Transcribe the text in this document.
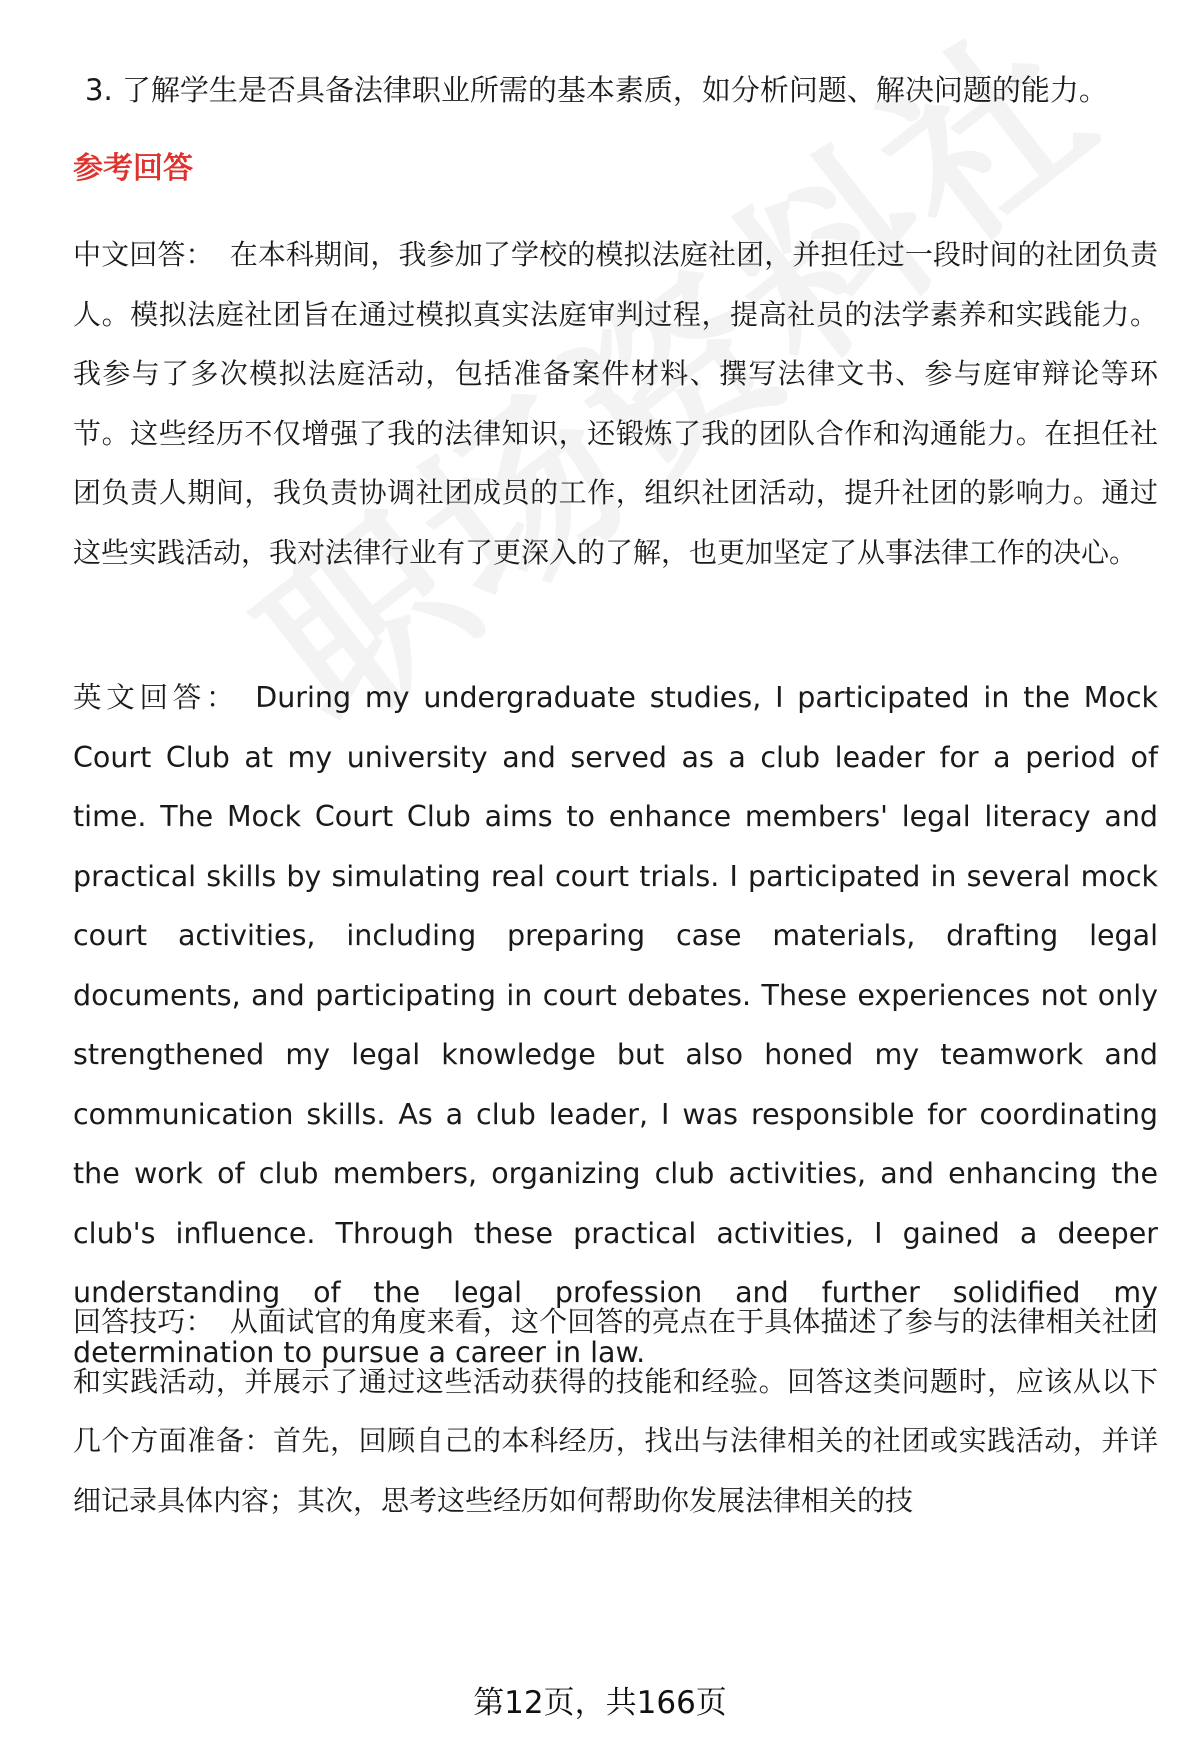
3. 了解学生是否具备法律职业所需的基本素质，如分析问题、解决问题的能力。
参考回答
中文回答： 在本科期间，我参加了学校的模拟法庭社团，并担任过一段时间的社团负责人。模拟法庭社团旨在通过模拟真实法庭审判过程，提高社员的法学素养和实践能力。我参与了多次模拟法庭活动，包括准备案件材料、撰写法律文书、参与庭审辩论等环节。这些经历不仅增强了我的法律知识，还锻炼了我的团队合作和沟通能力。在担任社团负责人期间，我负责协调社团成员的工作，组织社团活动，提升社团的影响力。通过这些实践活动，我对法律行业有了更深入的了解，也更加坚定了从事法律工作的决心。
英文回答： During my undergraduate studies, I participated in the Mock Court Club at my university and served as a club leader for a period of time. The Mock Court Club aims to enhance members' legal literacy and practical skills by simulating real court trials. I participated in several mock court activities, including preparing case materials, drafting legal documents, and participating in court debates. These experiences not only strengthened my legal knowledge but also honed my teamwork and communication skills. As a club leader, I was responsible for coordinating the work of club members, organizing club activities, and enhancing the club's influence. Through these practical activities, I gained a deeper understanding of the legal profession and further solidified my determination to pursue a career in law.
回答技巧： 从面试官的角度来看，这个回答的亮点在于具体描述了参与的法律相关社团和实践活动，并展示了通过这些活动获得的技能和经验。回答这类问题时，应该从以下几个方面准备：首先，回顾自己的本科经历，找出与法律相关的社团或实践活动，并详细记录具体内容；其次，思考这些经历如何帮助你发展法律相关的技
第12页，共166页
